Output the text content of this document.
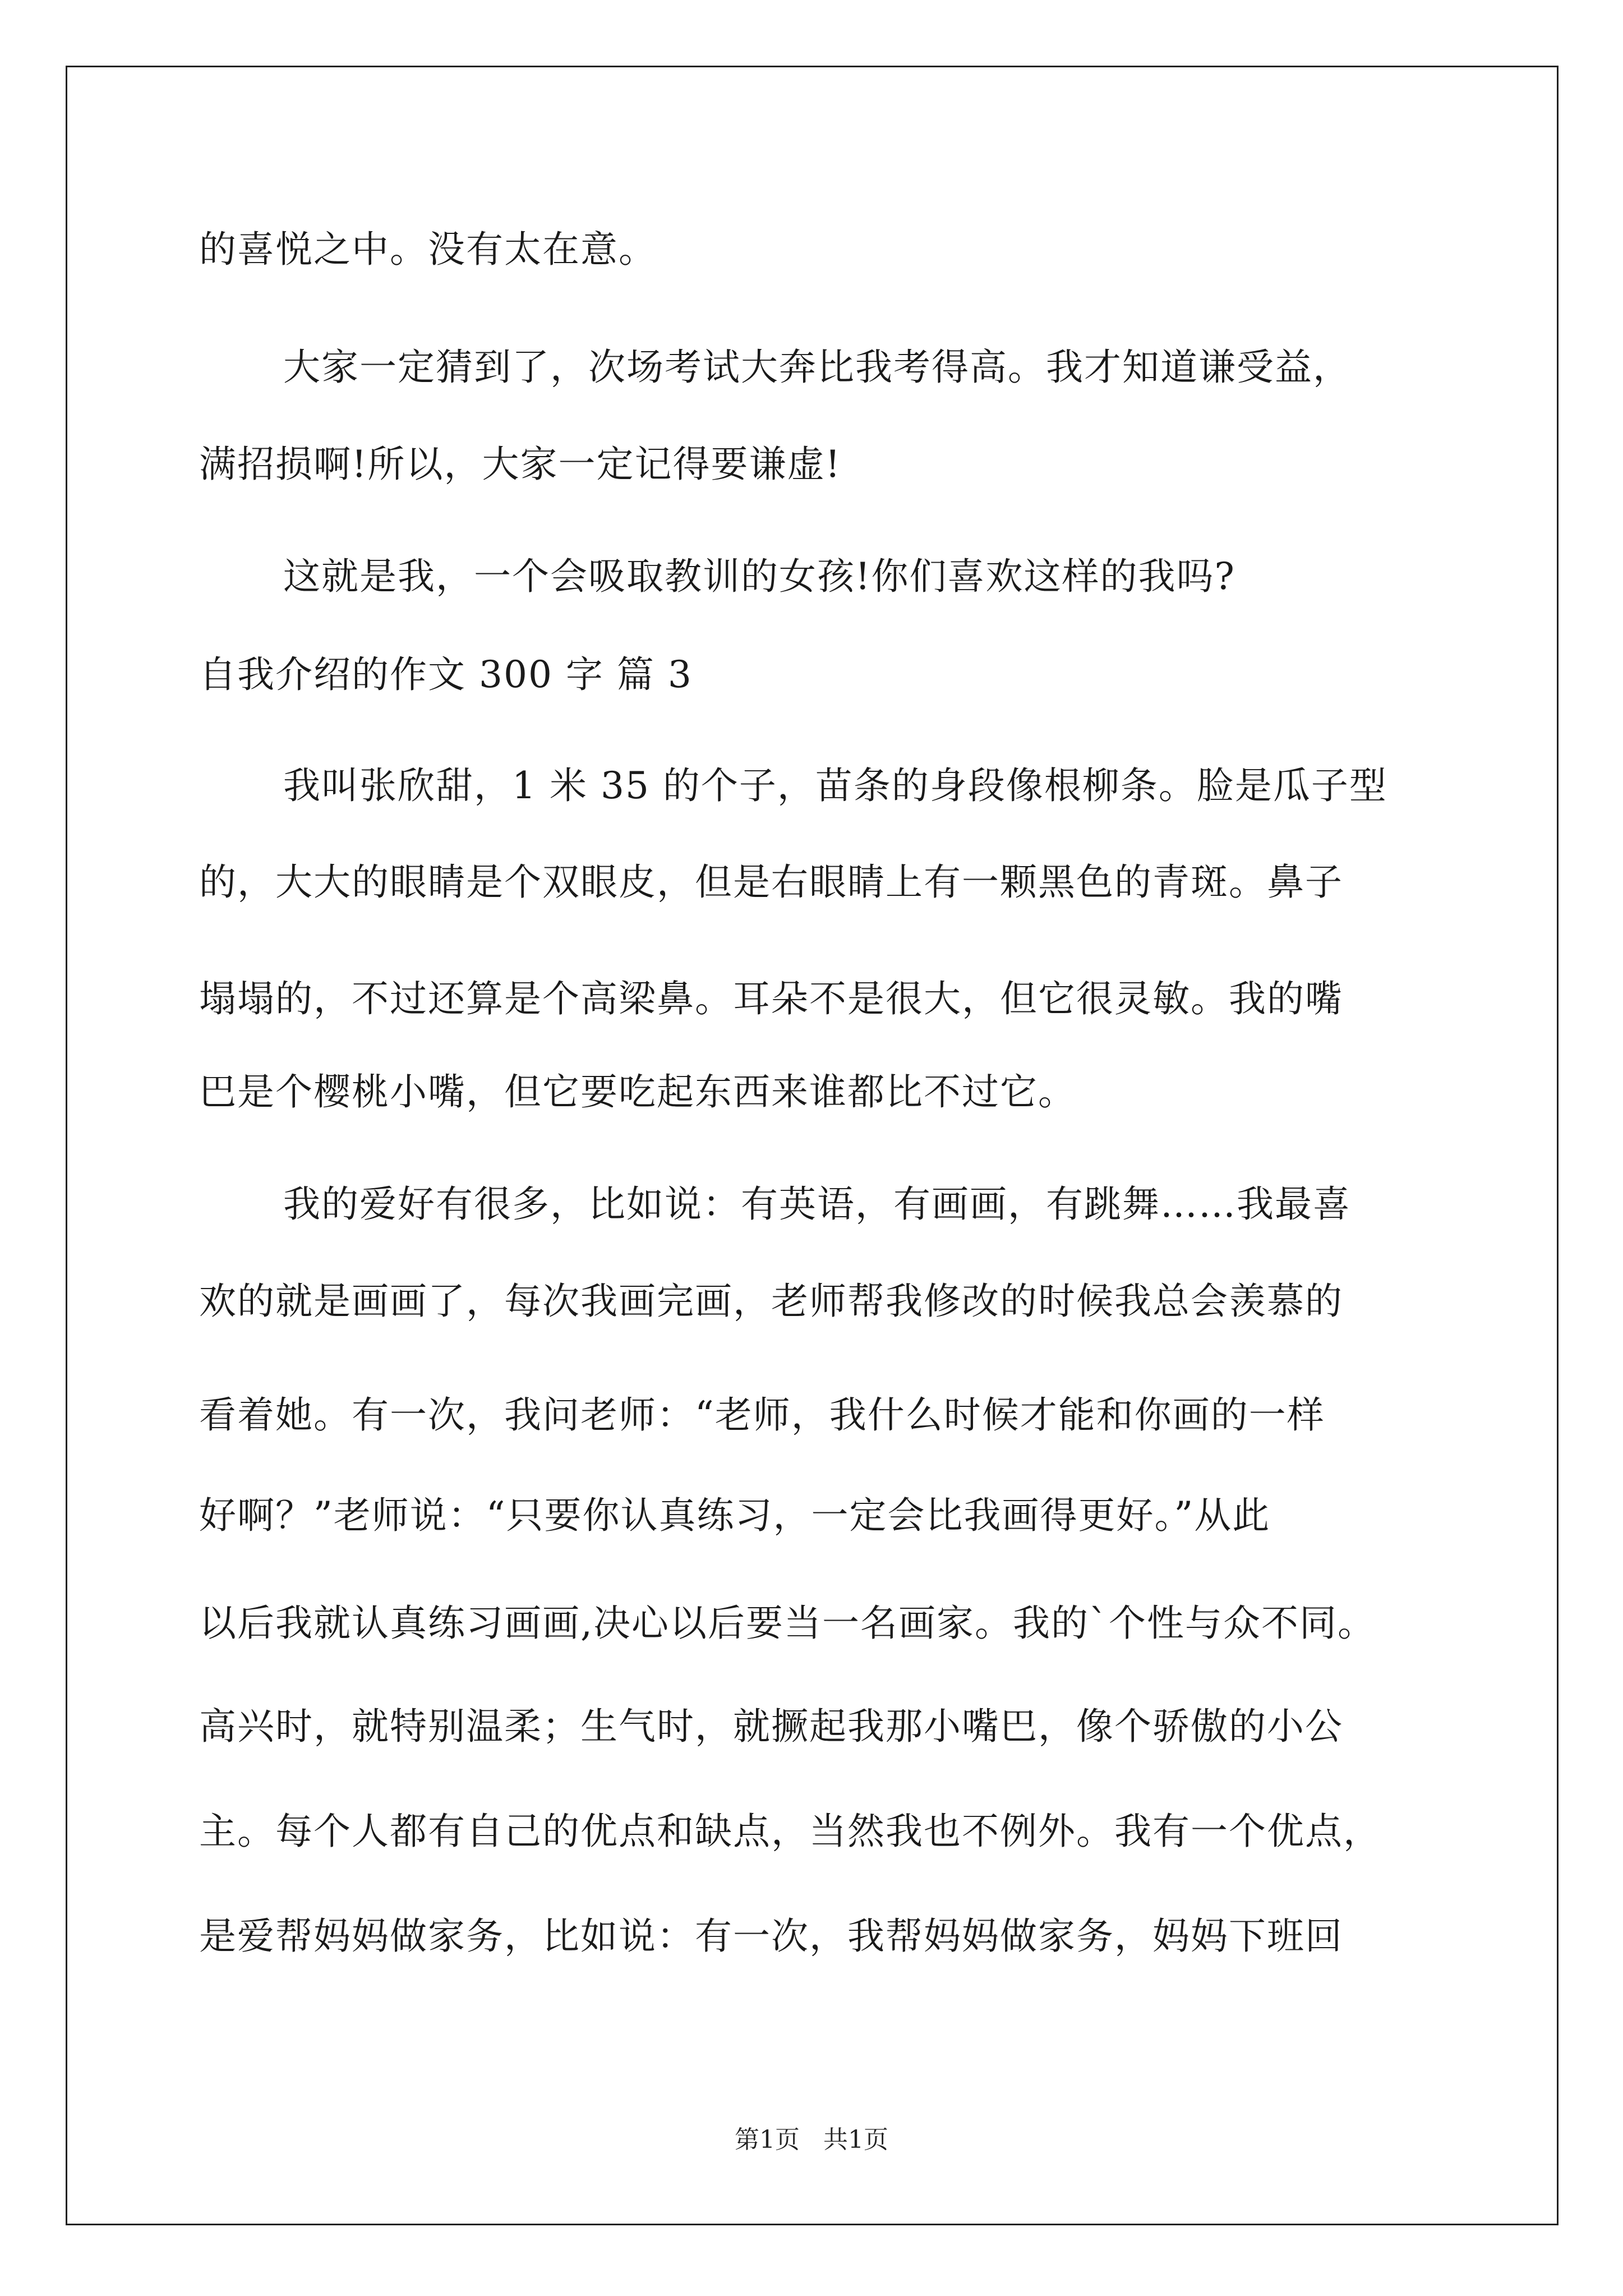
的喜悦之中。没有太在意。
大家一定猜到了，次场考试大奔比我考得高。我才知道谦受益，
满招损啊!所以，大家一定记得要谦虚!
这就是我，一个会吸取教训的女孩!你们喜欢这样的我吗?
自我介绍的作文 300 字 篇 3
我叫张欣甜，1 米 35 的个子，苗条的身段像根柳条。脸是瓜子型
的，大大的眼睛是个双眼皮，但是右眼睛上有一颗黑色的青斑。鼻子
塌塌的，不过还算是个高梁鼻。耳朵不是很大，但它很灵敏。我的嘴
巴是个樱桃小嘴，但它要吃起东西来谁都比不过它。
我的爱好有很多，比如说：有英语，有画画，有跳舞……我最喜
欢的就是画画了，每次我画完画，老师帮我修改的时候我总会羡慕的
看着她。有一次，我问老师：“老师，我什么时候才能和你画的一样
好啊？”老师说：“只要你认真练习，一定会比我画得更好。”从此
以后我就认真练习画画,决心以后要当一名画家。我的`个性与众不同。
高兴时，就特别温柔；生气时，就撅起我那小嘴巴，像个骄傲的小公
主。每个人都有自己的优点和缺点，当然我也不例外。我有一个优点，
是爱帮妈妈做家务，比如说：有一次，我帮妈妈做家务，妈妈下班回
第1页   共1页
